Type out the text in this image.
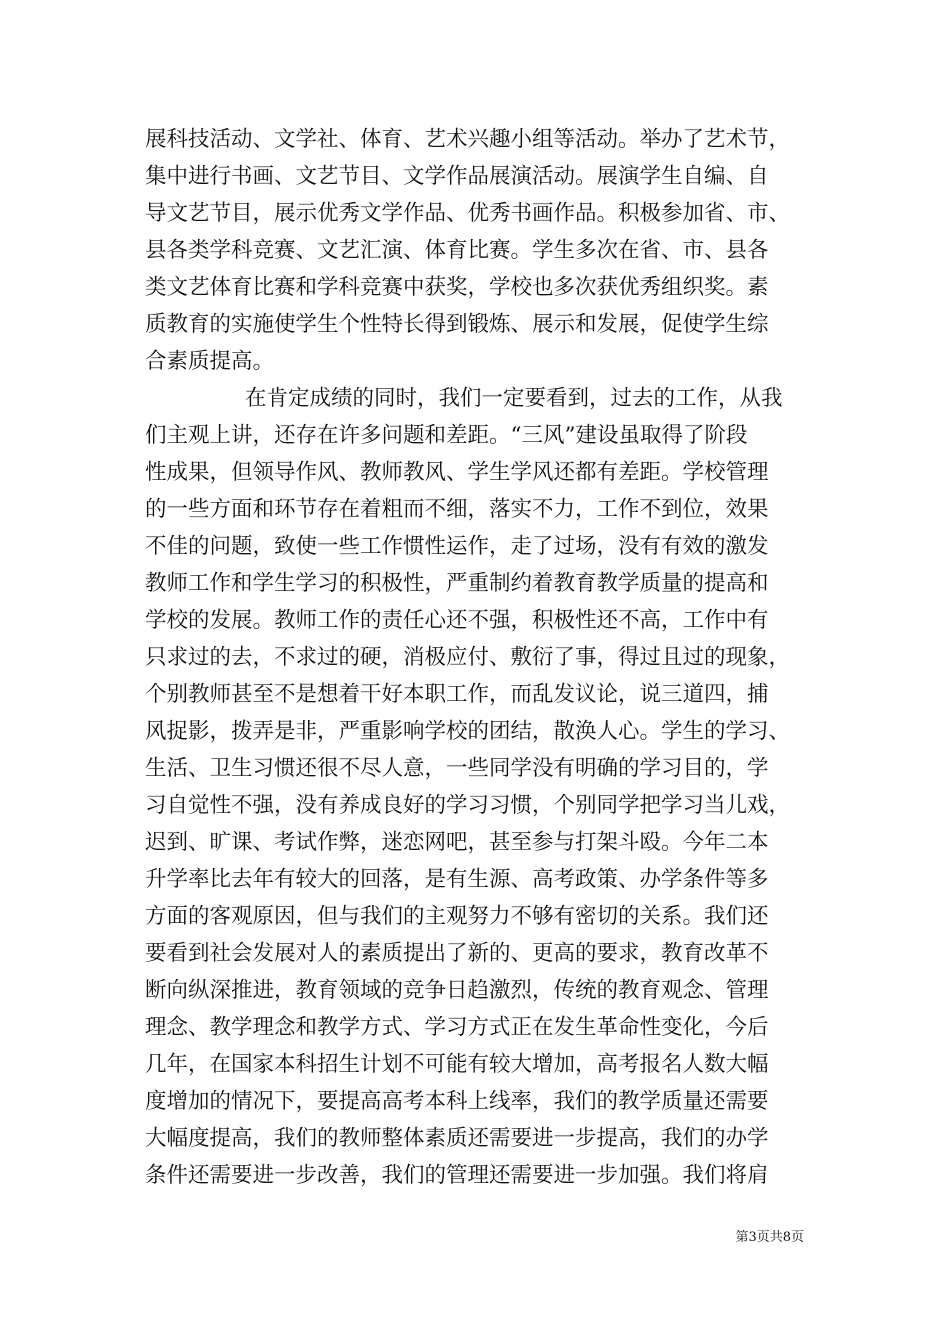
展科技活动、文学社、体育、艺术兴趣小组等活动。举办了艺术节，
集中进行书画、文艺节目、文学作品展演活动。展演学生自编、自
导文艺节目，展示优秀文学作品、优秀书画作品。积极参加省、市、
县各类学科竞赛、文艺汇演、体育比赛。学生多次在省、市、县各
类文艺体育比赛和学科竞赛中获奖，学校也多次获优秀组织奖。素
质教育的实施使学生个性特长得到锻炼、展示和发展，促使学生综
合素质提高。
在肯定成绩的同时，我们一定要看到，过去的工作，从我
们主观上讲，还存在许多问题和差距。“三风”建设虽取得了阶段
性成果，但领导作风、教师教风、学生学风还都有差距。学校管理
的一些方面和环节存在着粗而不细，落实不力，工作不到位，效果
不佳的问题，致使一些工作惯性运作，走了过场，没有有效的激发
教师工作和学生学习的积极性，严重制约着教育教学质量的提高和
学校的发展。教师工作的责任心还不强，积极性还不高，工作中有
只求过的去，不求过的硬，消极应付、敷衍了事，得过且过的现象，
个别教师甚至不是想着干好本职工作，而乱发议论，说三道四，捕
风捉影，拨弄是非，严重影响学校的团结，散涣人心。学生的学习、
生活、卫生习惯还很不尽人意，一些同学没有明确的学习目的，学
习自觉性不强，没有养成良好的学习习惯，个别同学把学习当儿戏，
迟到、旷课、考试作弊，迷恋网吧，甚至参与打架斗殴。今年二本
升学率比去年有较大的回落，是有生源、高考政策、办学条件等多
方面的客观原因，但与我们的主观努力不够有密切的关系。我们还
要看到社会发展对人的素质提出了新的、更高的要求，教育改革不
断向纵深推进，教育领域的竞争日趋激烈，传统的教育观念、管理
理念、教学理念和教学方式、学习方式正在发生革命性变化，今后
几年，在国家本科招生计划不可能有较大增加，高考报名人数大幅
度增加的情况下，要提高高考本科上线率，我们的教学质量还需要
大幅度提高，我们的教师整体素质还需要进一步提高，我们的办学
条件还需要进一步改善，我们的管理还需要进一步加强。我们将肩
第3页共8页
